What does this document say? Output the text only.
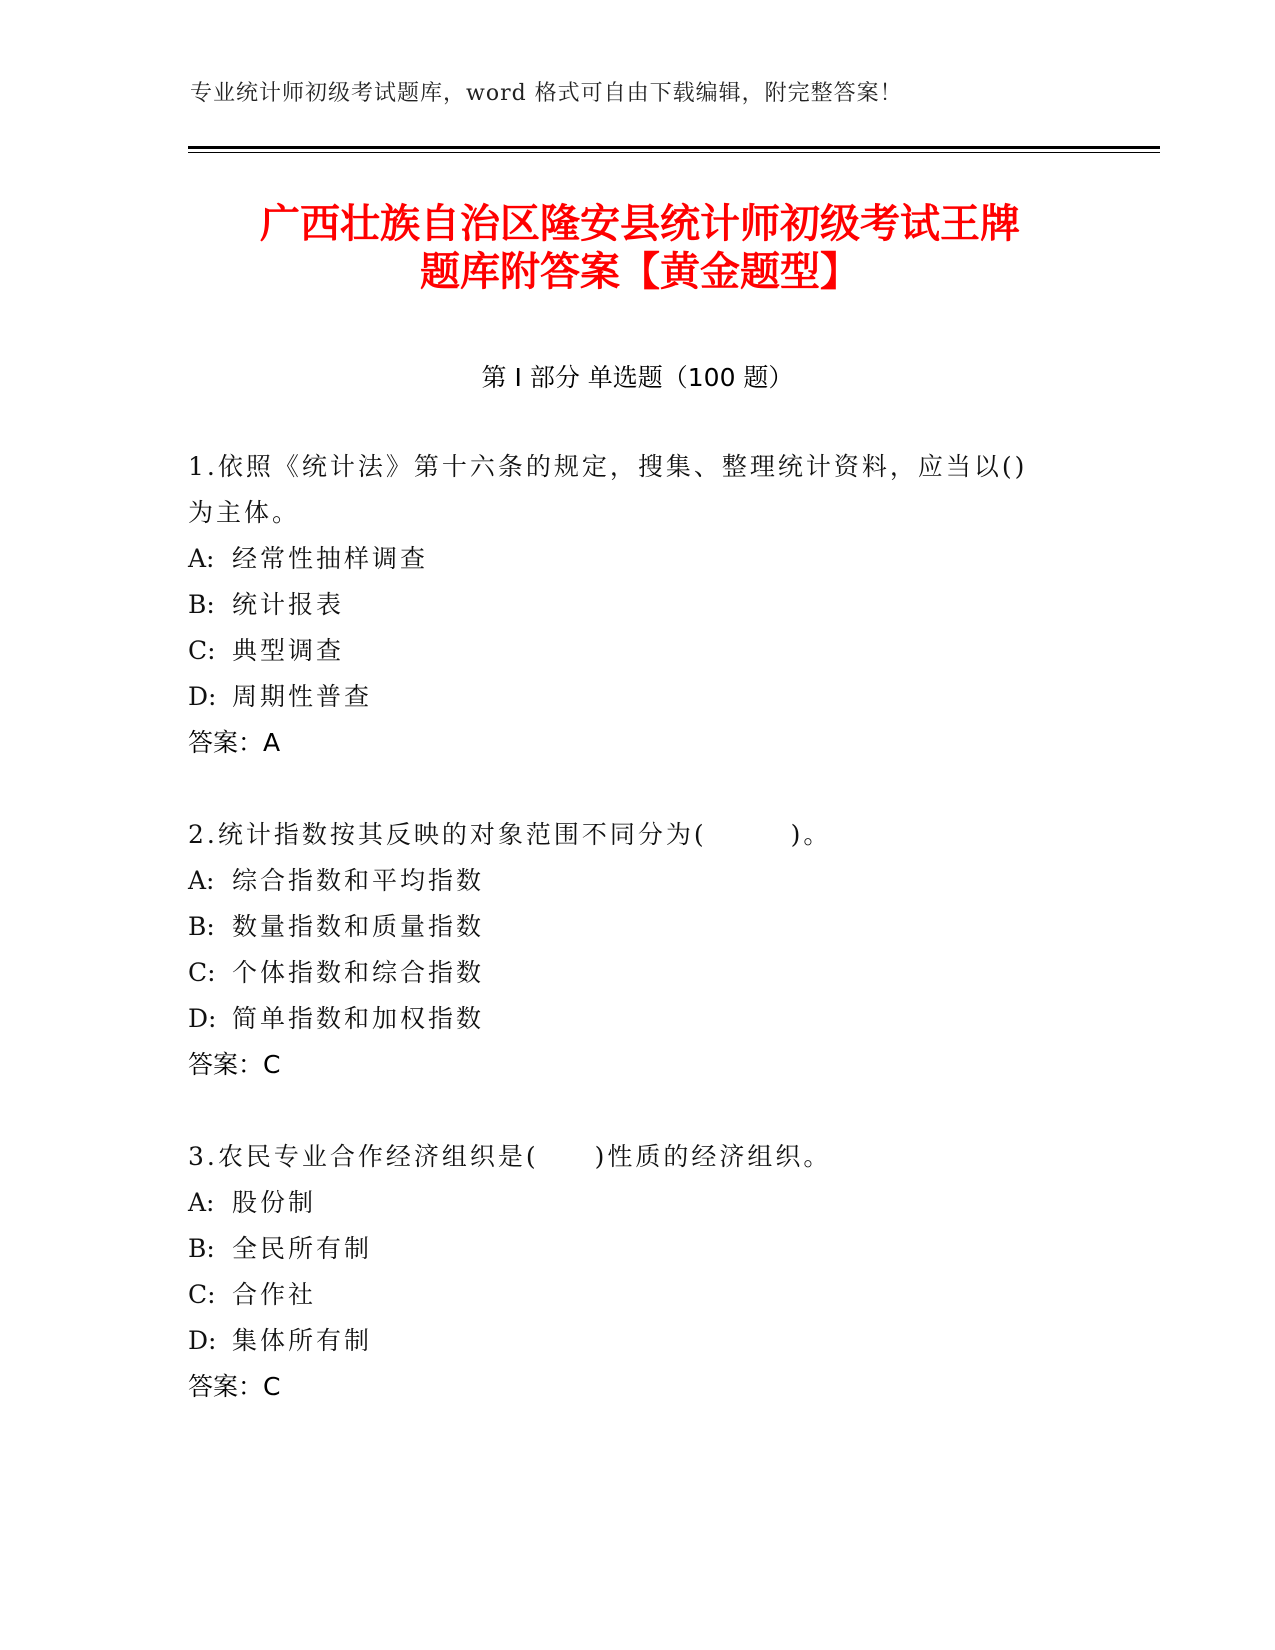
专业统计师初级考试题库，word 格式可自由下载编辑，附完整答案！
广西壮族自治区隆安县统计师初级考试王牌
题库附答案【黄金题型】
第 I 部分 单选题（100 题）
1.依照《统计法》第十六条的规定，搜集、整理统计资料，应当以()
为主体。
A: 经常性抽样调查
B: 统计报表
C: 典型调查
D: 周期性普查
答案：A
2.统计指数按其反映的对象范围不同分为(　　　)。
A: 综合指数和平均指数
B: 数量指数和质量指数
C: 个体指数和综合指数
D: 简单指数和加权指数
答案：C
3.农民专业合作经济组织是(　　)性质的经济组织。
A: 股份制
B: 全民所有制
C: 合作社
D: 集体所有制
答案：C
